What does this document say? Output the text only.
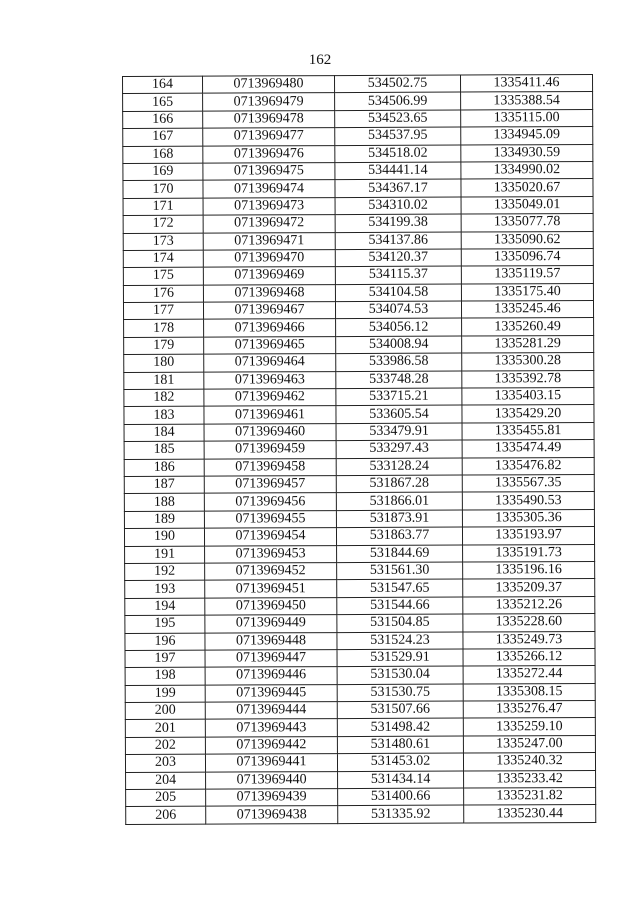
162
164	0713969480	534502.75	1335411.46
165	0713969479	534506.99	1335388.54
166	0713969478	534523.65	1335115.00
167	0713969477	534537.95	1334945.09
168	0713969476	534518.02	1334930.59
169	0713969475	534441.14	1334990.02
170	0713969474	534367.17	1335020.67
171	0713969473	534310.02	1335049.01
172	0713969472	534199.38	1335077.78
173	0713969471	534137.86	1335090.62
174	0713969470	534120.37	1335096.74
175	0713969469	534115.37	1335119.57
176	0713969468	534104.58	1335175.40
177	0713969467	534074.53	1335245.46
178	0713969466	534056.12	1335260.49
179	0713969465	534008.94	1335281.29
180	0713969464	533986.58	1335300.28
181	0713969463	533748.28	1335392.78
182	0713969462	533715.21	1335403.15
183	0713969461	533605.54	1335429.20
184	0713969460	533479.91	1335455.81
185	0713969459	533297.43	1335474.49
186	0713969458	533128.24	1335476.82
187	0713969457	531867.28	1335567.35
188	0713969456	531866.01	1335490.53
189	0713969455	531873.91	1335305.36
190	0713969454	531863.77	1335193.97
191	0713969453	531844.69	1335191.73
192	0713969452	531561.30	1335196.16
193	0713969451	531547.65	1335209.37
194	0713969450	531544.66	1335212.26
195	0713969449	531504.85	1335228.60
196	0713969448	531524.23	1335249.73
197	0713969447	531529.91	1335266.12
198	0713969446	531530.04	1335272.44
199	0713969445	531530.75	1335308.15
200	0713969444	531507.66	1335276.47
201	0713969443	531498.42	1335259.10
202	0713969442	531480.61	1335247.00
203	0713969441	531453.02	1335240.32
204	0713969440	531434.14	1335233.42
205	0713969439	531400.66	1335231.82
206	0713969438	531335.92	1335230.44
